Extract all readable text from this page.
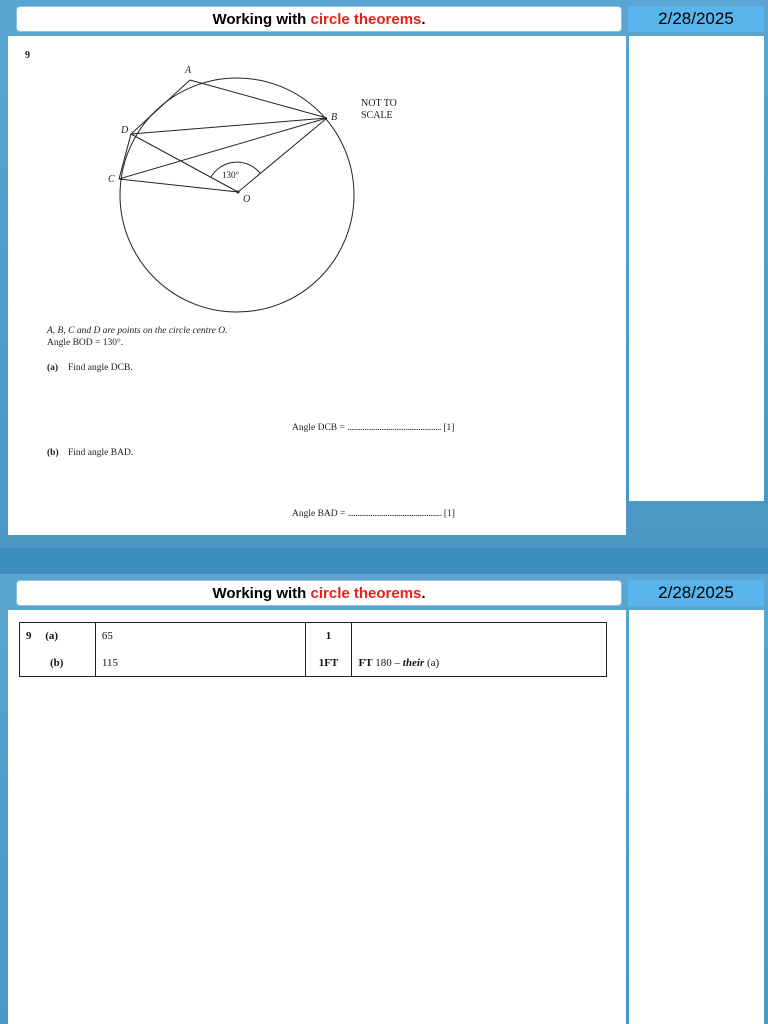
Working with
circle theorems .	2/28/2025
9
A
B
D
C
O
130°
NOT TO
SCALE
A, B, C and D are points on the circle centre O.
Angle BOD = 130°.
(a) Find angle DCB.
Angle DCB = .................................................. [1]
(b) Find angle BAD.
Angle BAD = .................................................. [1]
Working with
circle theorems .	2/28/2025
9 (a)	65	1	
(b)	115	1FT	FT 180 – their (a)
